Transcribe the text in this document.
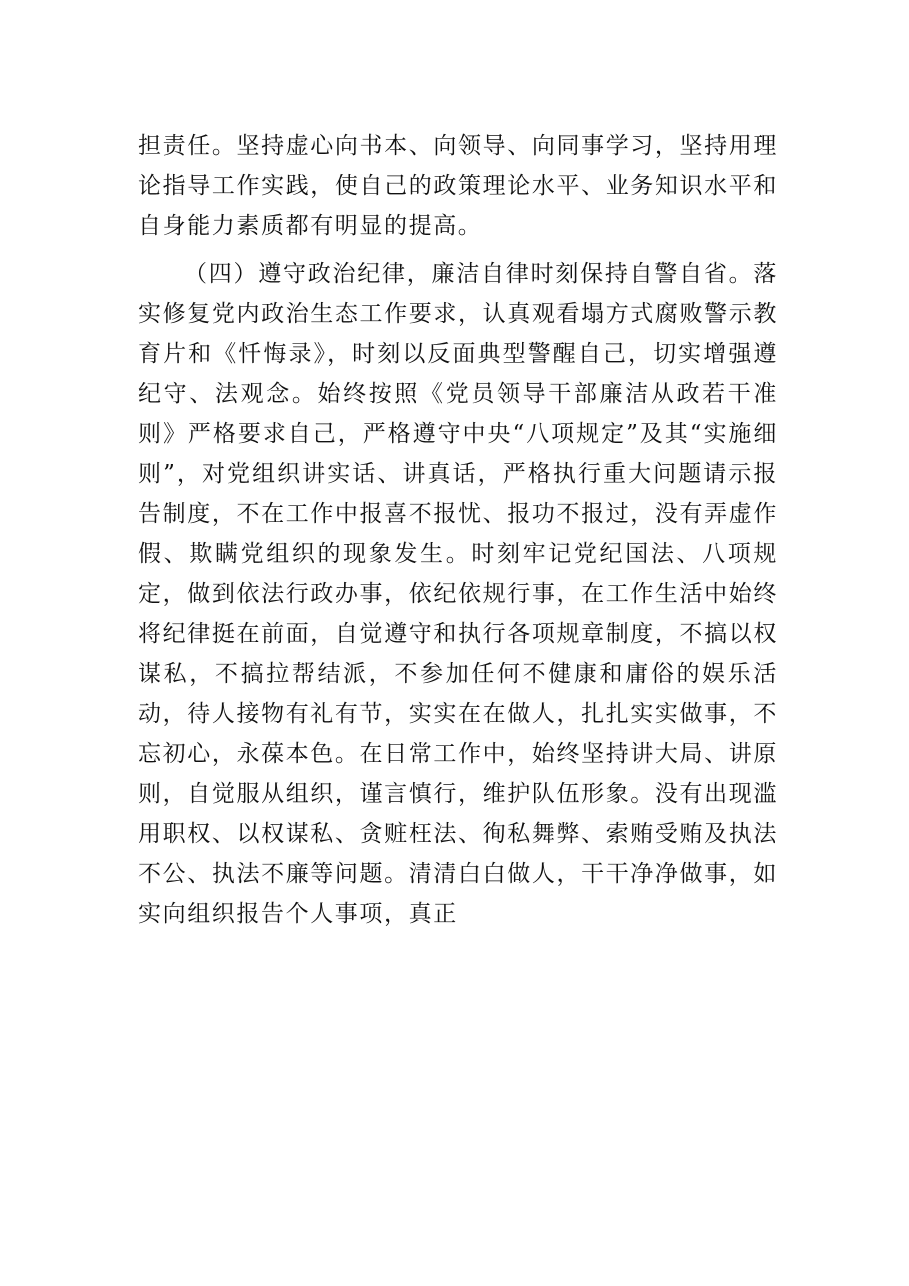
担责任。坚持虚心向书本、向领导、向同事学习，坚持用理论指导工作实践，使自己的政策理论水平、业务知识水平和自身能力素质都有明显的提高。

（四）遵守政治纪律，廉洁自律时刻保持自警自省。落实修复党内政治生态工作要求，认真观看塌方式腐败警示教育片和《忏悔录》，时刻以反面典型警醒自己，切实增强遵纪守、法观念。始终按照《党员领导干部廉洁从政若干准则》严格要求自己，严格遵守中央“八项规定”及其“实施细则”，对党组织讲实话、讲真话，严格执行重大问题请示报告制度，不在工作中报喜不报忧、报功不报过，没有弄虚作假、欺瞒党组织的现象发生。时刻牢记党纪国法、八项规定，做到依法行政办事，依纪依规行事，在工作生活中始终将纪律挺在前面，自觉遵守和执行各项规章制度，不搞以权谋私，不搞拉帮结派，不参加任何不健康和庸俗的娱乐活动，待人接物有礼有节，实实在在做人，扎扎实实做事，不忘初心，永葆本色。在日常工作中，始终坚持讲大局、讲原则，自觉服从组织，谨言慎行，维护队伍形象。没有出现滥用职权、以权谋私、贪赃枉法、徇私舞弊、索贿受贿及执法不公、执法不廉等问题。清清白白做人，干干净净做事，如实向组织报告个人事项，真正
